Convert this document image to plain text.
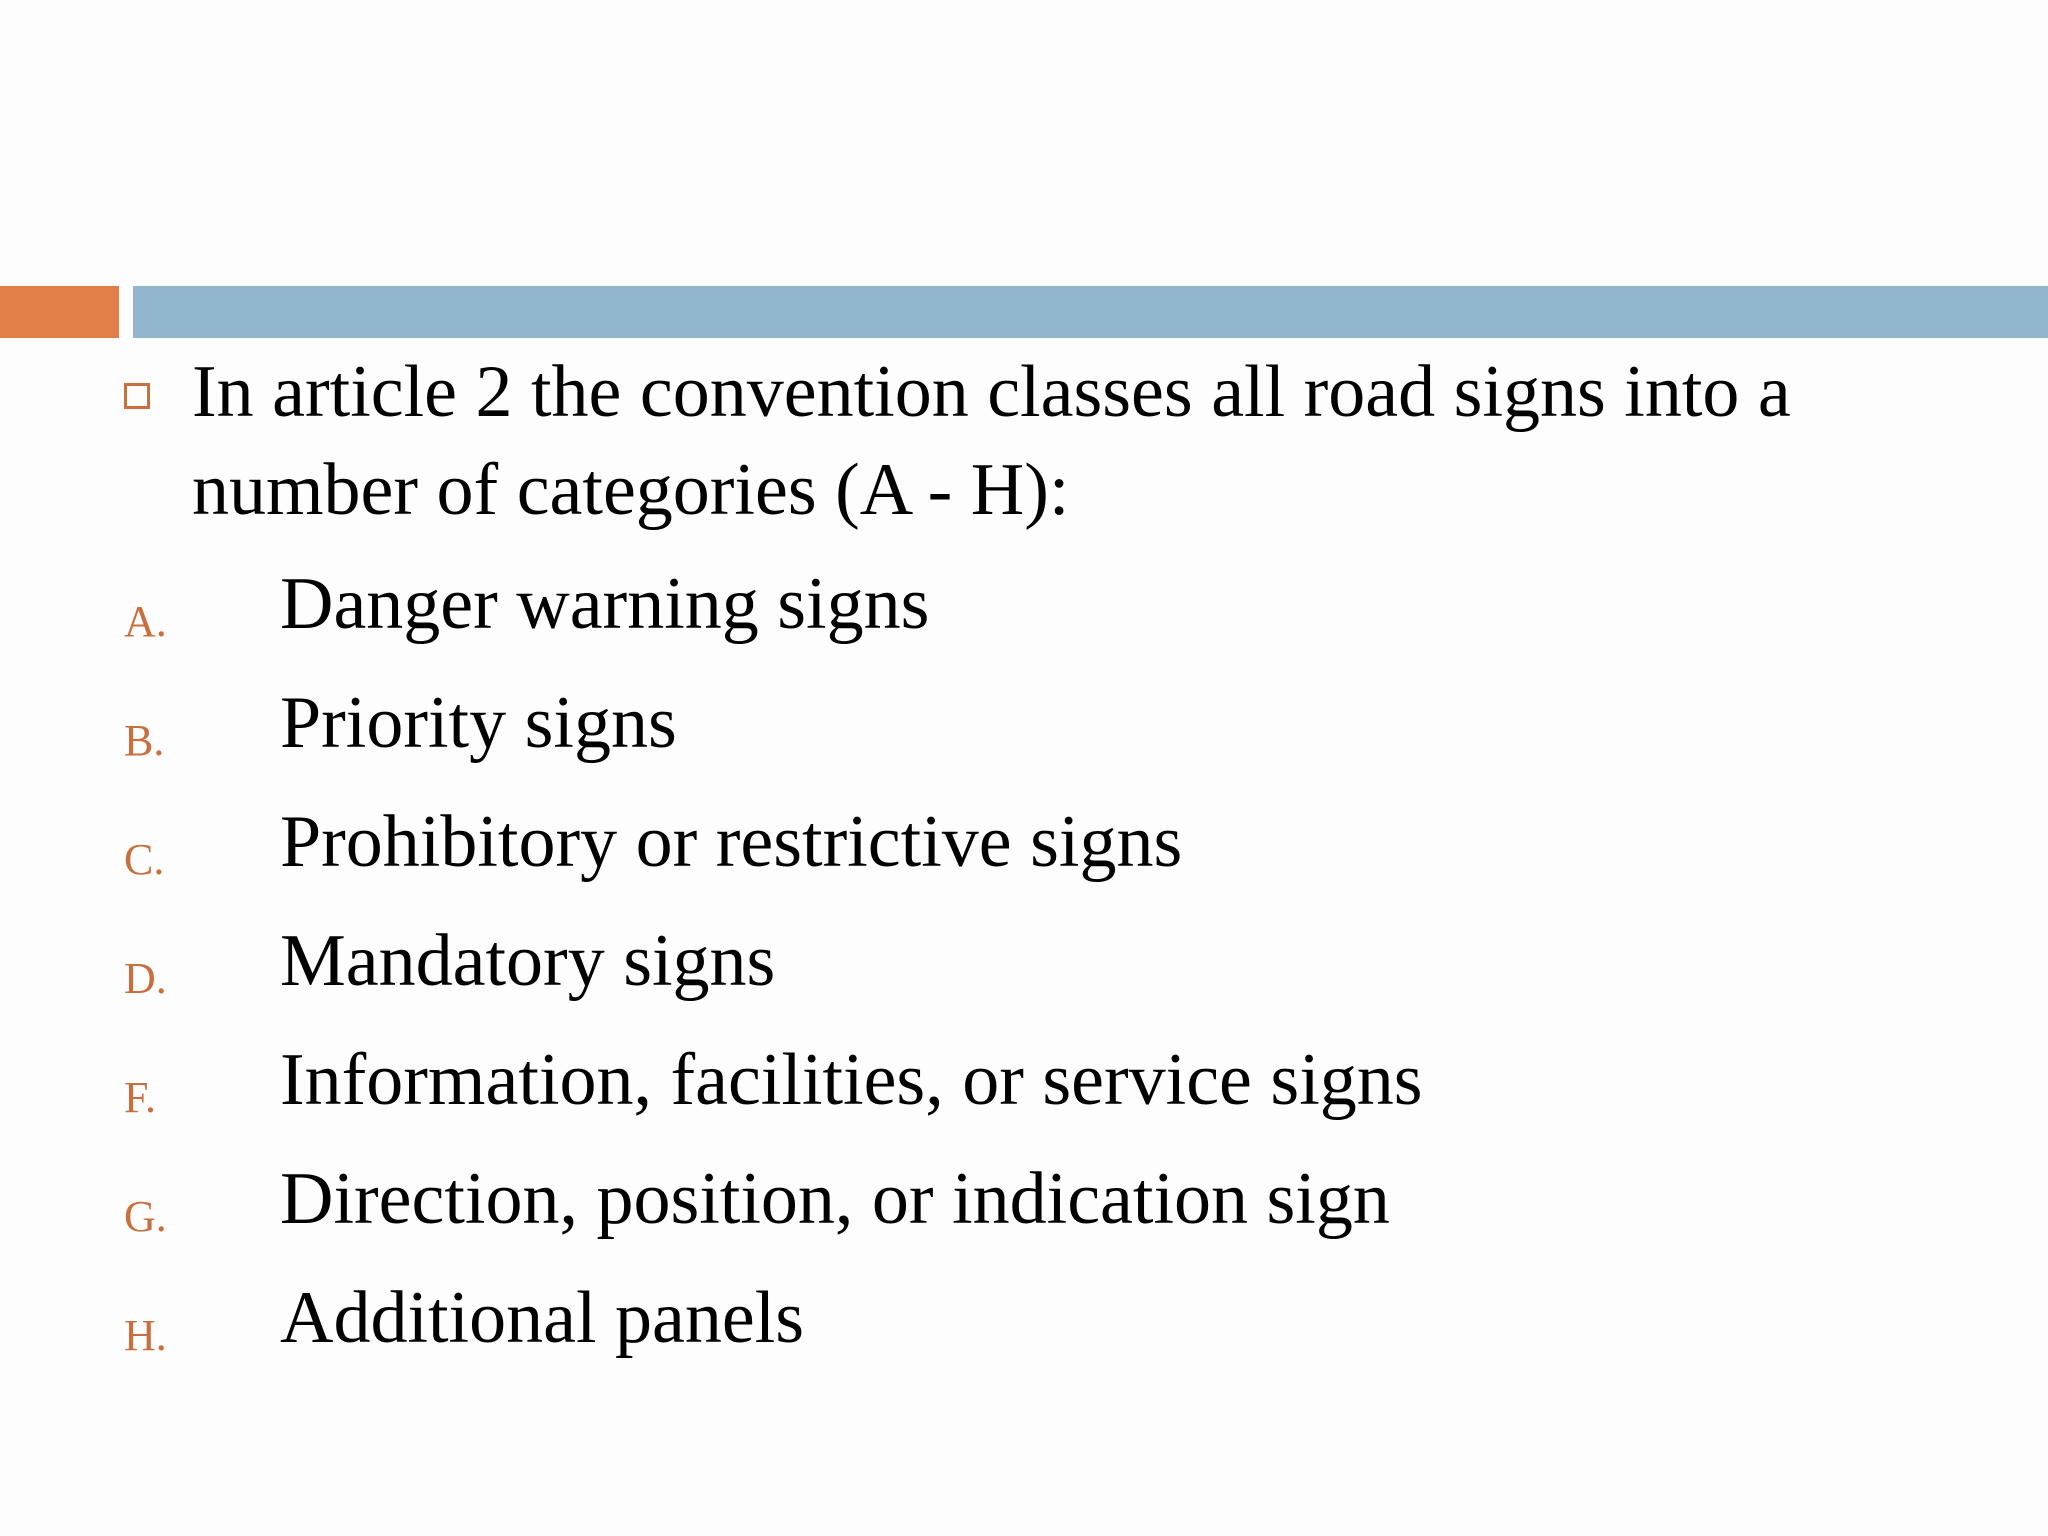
In article 2 the convention classes all road signs into a number of categories (A - H):
A. Danger warning signs
B. Priority signs
C. Prohibitory or restrictive signs
D. Mandatory signs
F. Information, facilities, or service signs
G. Direction, position, or indication sign
H. Additional panels
